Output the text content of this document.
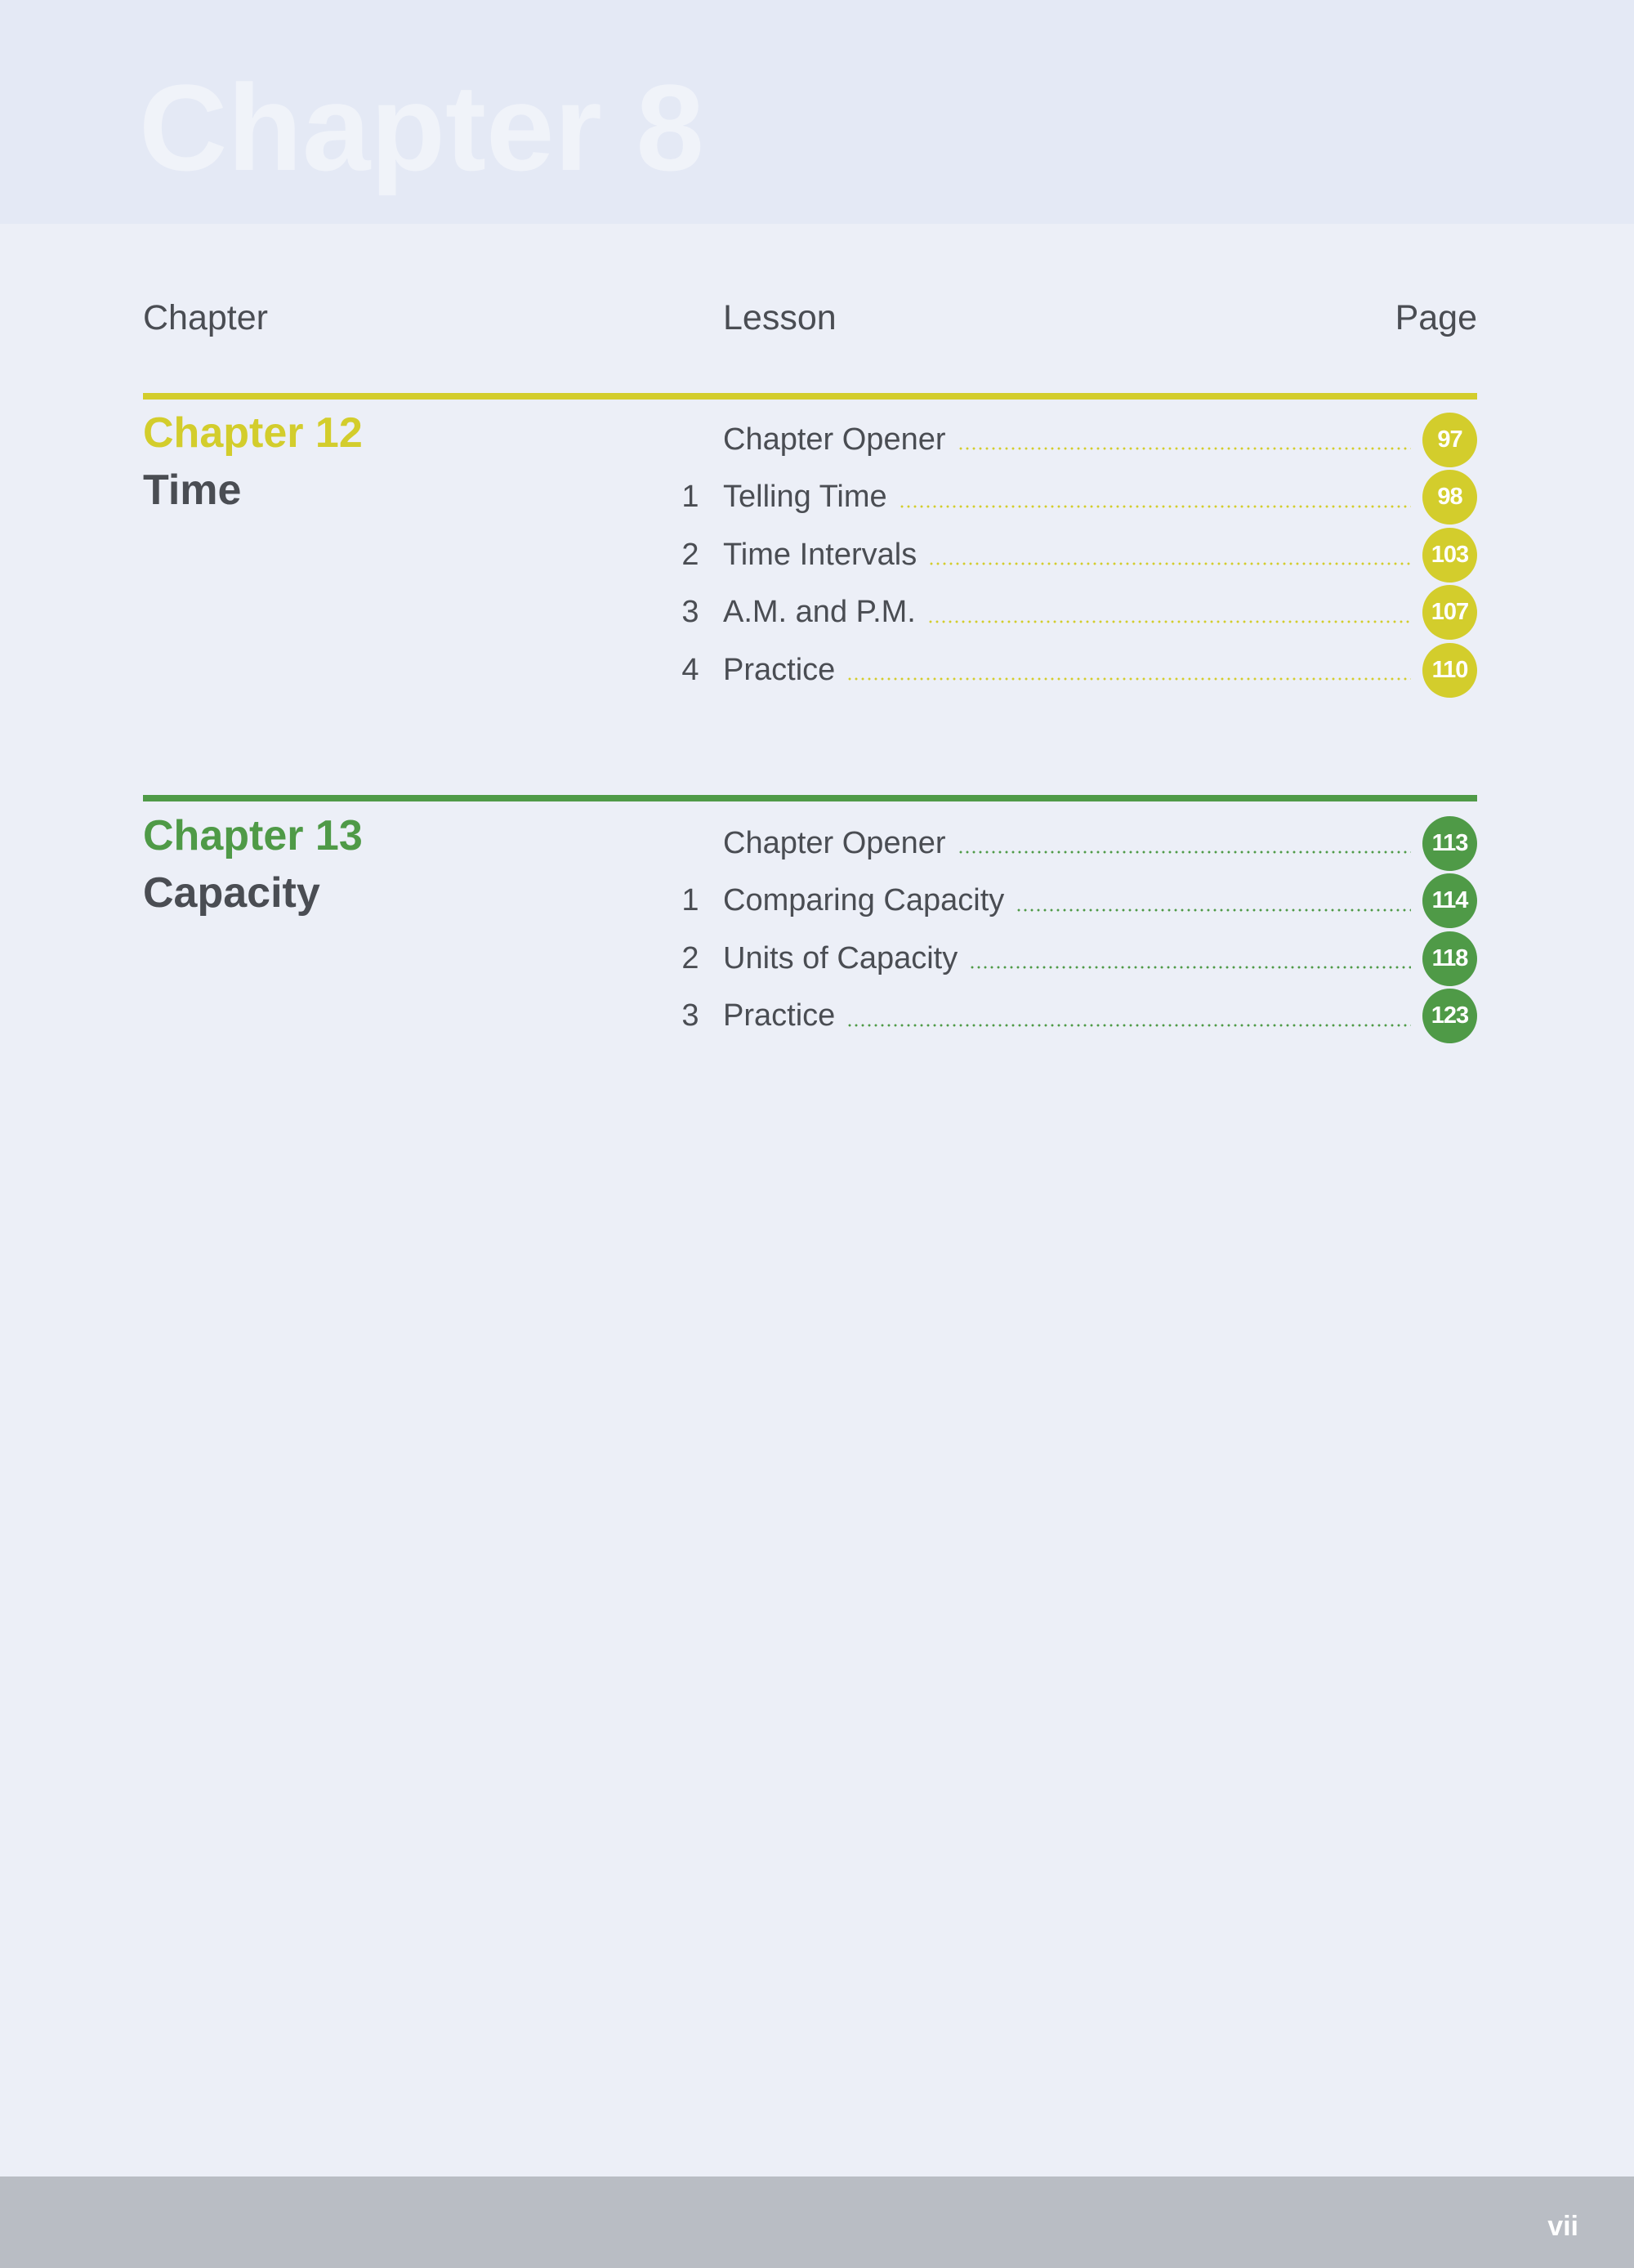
Chapter 8
Chapter	Lesson	Page
Chapter 12
Time
Chapter Opener	97
1 Telling Time	98
2 Time Intervals	103
3 A.M. and P.M.	107
4 Practice	110
Chapter 13
Capacity
Chapter Opener	113
1 Comparing Capacity	114
2 Units of Capacity	118
3 Practice	123
vii
